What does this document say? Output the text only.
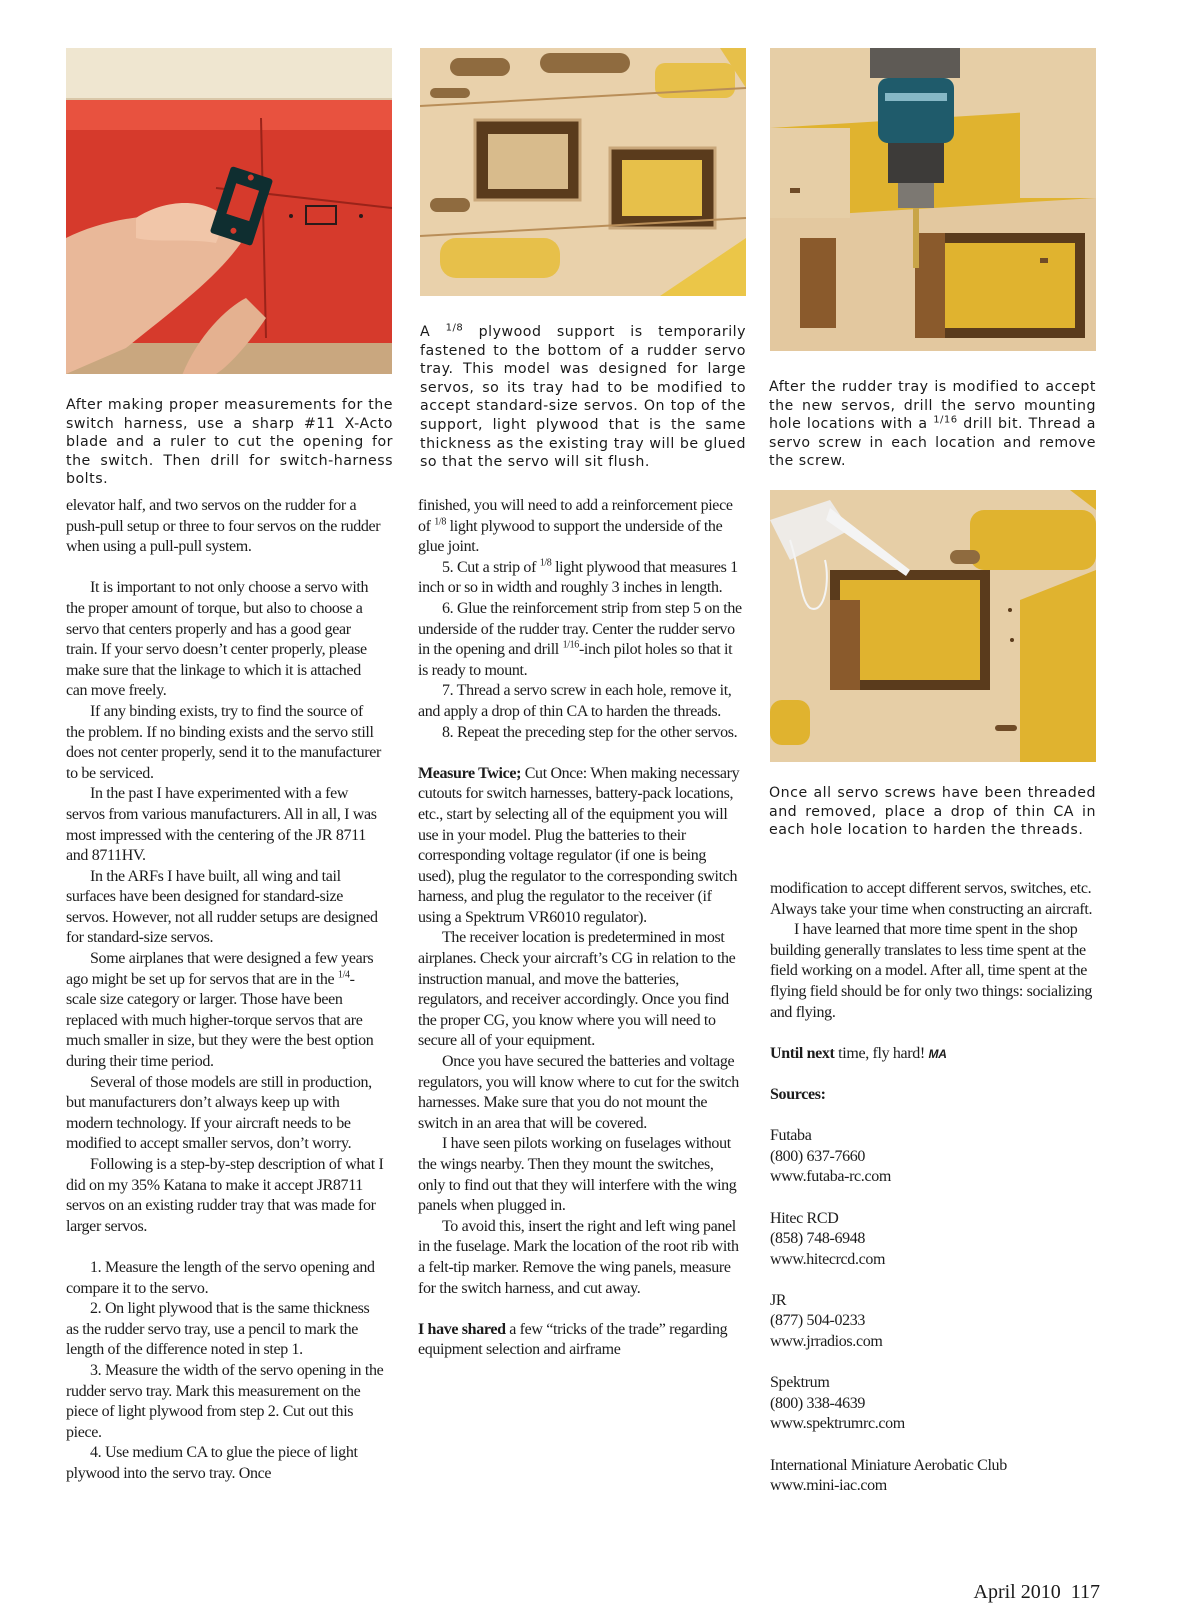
After making proper measurements for the switch harness, use a sharp #11 X-Acto blade and a ruler to cut the opening for the switch. Then drill for switch-harness bolts.
A $^{1/8}$ plywood support is temporarily fastened to the bottom of a rudder servo tray. This model was designed for large servos, so its tray had to be modified to accept standard-size servos. On top of the support, light plywood that is the same thickness as the existing tray will be glued so that the servo will sit flush.
After the rudder tray is modified to accept the new servos, drill the servo mounting hole locations with a $^{1/16}$ drill bit. Thread a servo screw in each location and remove the screw.
Once all servo screws have been threaded and removed, place a drop of thin CA in each hole location to harden the threads.

elevator half, and two servos on the rudder for a push-pull setup or three to four servos on the rudder when using a pull-pull system.

It is important to not only choose a servo with the proper amount of torque, but also to choose a servo that centers properly and has a good gear train. If your servo doesn’t center properly, please make sure that the linkage to which it is attached can move freely.

If any binding exists, try to find the source of the problem. If no binding exists and the servo still does not center properly, send it to the manufacturer to be serviced.

In the past I have experimented with a few servos from various manufacturers. All in all, I was most impressed with the centering of the JR 8711 and 8711HV.

In the ARFs I have built, all wing and tail surfaces have been designed for standard-size servos. However, not all rudder setups are designed for standard-size servos.

Some airplanes that were designed a few years ago might be set up for servos that are in the $^{1/4}$-scale size category or larger. Those have been replaced with much higher-torque servos that are much smaller in size, but they were the best option during their time period.

Several of those models are still in production, but manufacturers don’t always keep up with modern technology. If your aircraft needs to be modified to accept smaller servos, don’t worry.

Following is a step-by-step description of what I did on my 35% Katana to make it accept JR8711 servos on an existing rudder tray that was made for larger servos.

1. Measure the length of the servo opening and compare it to the servo.

2. On light plywood that is the same thickness as the rudder servo tray, use a pencil to mark the length of the difference noted in step 1.

3. Measure the width of the servo opening in the rudder servo tray. Mark this measurement on the piece of light plywood from step 2. Cut out this piece.

4. Use medium CA to glue the piece of light plywood into the servo tray. Once

finished, you will need to add a reinforcement piece of $^{1/8}$ light plywood to support the underside of the glue joint.

5. Cut a strip of $^{1/8}$ light plywood that measures 1 inch or so in width and roughly 3 inches in length.

6. Glue the reinforcement strip from step 5 on the underside of the rudder tray. Center the rudder servo in the opening and drill $^{1/16}$-inch pilot holes so that it is ready to mount.

7. Thread a servo screw in each hole, remove it, and apply a drop of thin CA to harden the threads.

8. Repeat the preceding step for the other servos.

Measure Twice; Cut Once: When making necessary cutouts for switch harnesses, battery-pack locations, etc., start by selecting all of the equipment you will use in your model. Plug the batteries to their corresponding voltage regulator (if one is being used), plug the regulator to the corresponding switch harness, and plug the regulator to the receiver (if using a Spektrum VR6010 regulator).

The receiver location is predetermined in most airplanes. Check your aircraft’s CG in relation to the instruction manual, and move the batteries, regulators, and receiver accordingly. Once you find the proper CG, you know where you will need to secure all of your equipment.

Once you have secured the batteries and voltage regulators, you will know where to cut for the switch harnesses. Make sure that you do not mount the switch in an area that will be covered.

I have seen pilots working on fuselages without the wings nearby. Then they mount the switches, only to find out that they will interfere with the wing panels when plugged in.

To avoid this, insert the right and left wing panel in the fuselage. Mark the location of the root rib with a felt-tip marker. Remove the wing panels, measure for the switch harness, and cut away.

I have shared a few “tricks of the trade” regarding equipment selection and airframe

modification to accept different servos, switches, etc. Always take your time when constructing an aircraft.

I have learned that more time spent in the shop building generally translates to less time spent at the field working on a model. After all, time spent at the flying field should be for only two things: socializing and flying.

Until next time, fly hard! MA

Sources:

Futaba

(800) 637-7660

www.futaba-rc.com

Hitec RCD

(858) 748-6948

www.hitecrcd.com

JR

(877) 504-0233

www.jrradios.com

Spektrum

(800) 338-4639

www.spektrumrc.com

International Miniature Aerobatic Club

www.mini-iac.com

April 2010 117
